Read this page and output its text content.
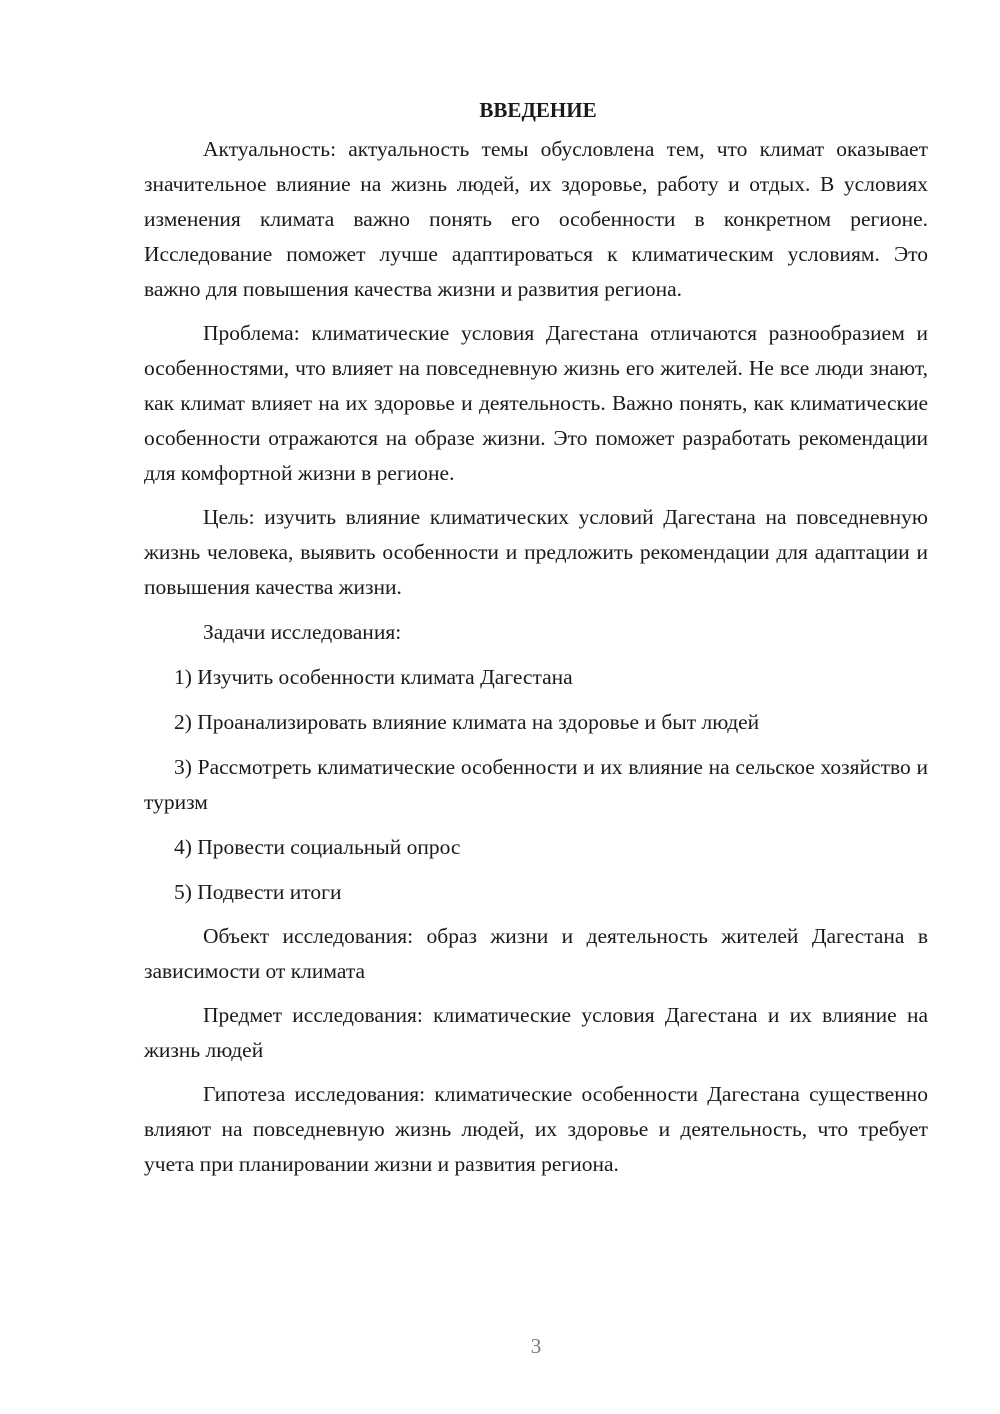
ВВЕДЕНИЕ

Актуальность: актуальность темы обусловлена тем, что климат оказывает значительное влияние на жизнь людей, их здоровье, работу и отдых. В условиях изменения климата важно понять его особенности в конкретном регионе. Исследование поможет лучше адаптироваться к климатическим условиям. Это важно для повышения качества жизни и развития региона.

Проблема: климатические условия Дагестана отличаются разнообразием и особенностями, что влияет на повседневную жизнь его жителей. Не все люди знают, как климат влияет на их здоровье и деятельность. Важно понять, как климатические особенности отражаются на образе жизни. Это поможет разработать рекомендации для комфортной жизни в регионе.

Цель: изучить влияние климатических условий Дагестана на повседневную жизнь человека, выявить особенности и предложить рекомендации для адаптации и повышения качества жизни.

Задачи исследования:

1) Изучить особенности климата Дагестана

2) Проанализировать влияние климата на здоровье и быт людей

3) Рассмотреть климатические особенности и их влияние на сельское хозяйство и туризм

4) Провести социальный опрос

5) Подвести итоги

Объект исследования: образ жизни и деятельность жителей Дагестана в зависимости от климата

Предмет исследования: климатические условия Дагестана и их влияние на жизнь людей

Гипотеза исследования: климатические особенности Дагестана существенно влияют на повседневную жизнь людей, их здоровье и деятельность, что требует учета при планировании жизни и развития региона.

3
